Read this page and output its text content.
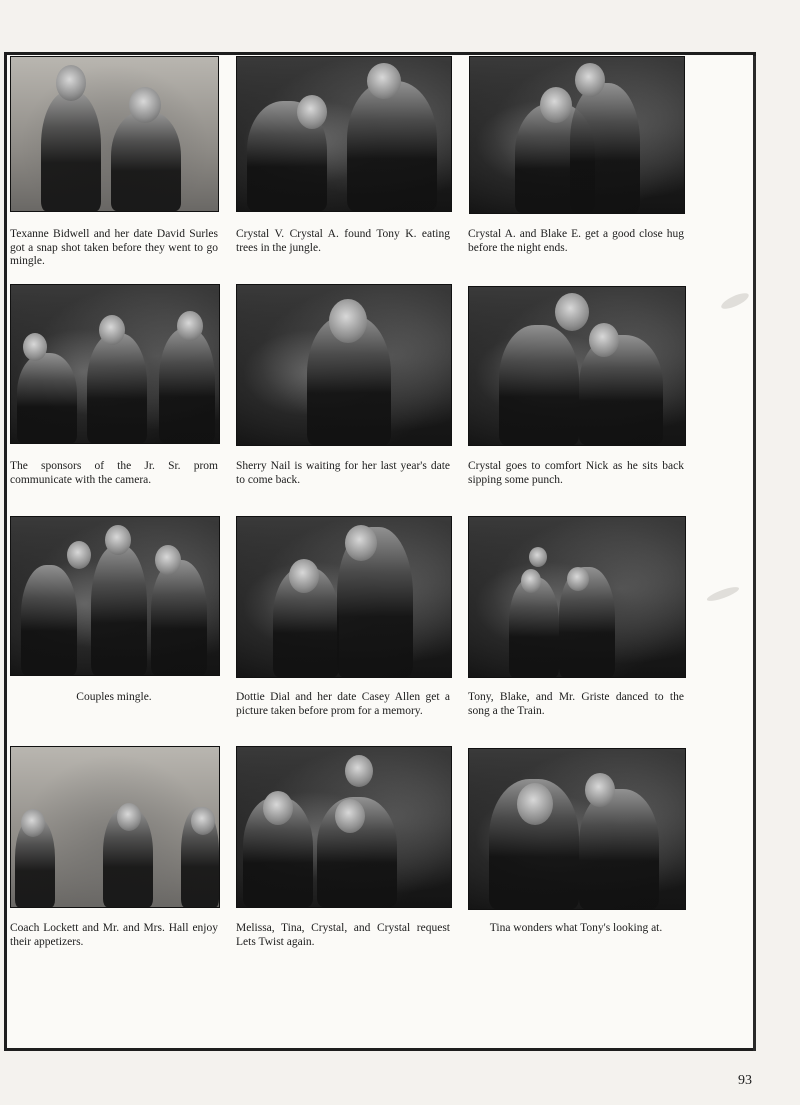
Texanne Bidwell and her date David Surles got a snap shot taken before they went to go mingle.
Crystal V. Crystal A. found Tony K. eating trees in the jungle.
Crystal A. and Blake E. get a good close hug before the night ends.
The sponsors of the Jr. Sr. prom communicate with the camera.
Sherry Nail is waiting for her last year's date to come back.
Crystal goes to comfort Nick as he sits back sipping some punch.
Couples mingle.	Dottie Dial and her date Casey Allen get a picture taken before prom for a memory.
Tony, Blake, and Mr. Griste danced to the song a the Train.
Coach Lockett and Mr. and Mrs. Hall enjoy their appetizers.
Melissa, Tina, Crystal, and Crystal request Lets Twist again.
Tina wonders what Tony's looking at.
93
